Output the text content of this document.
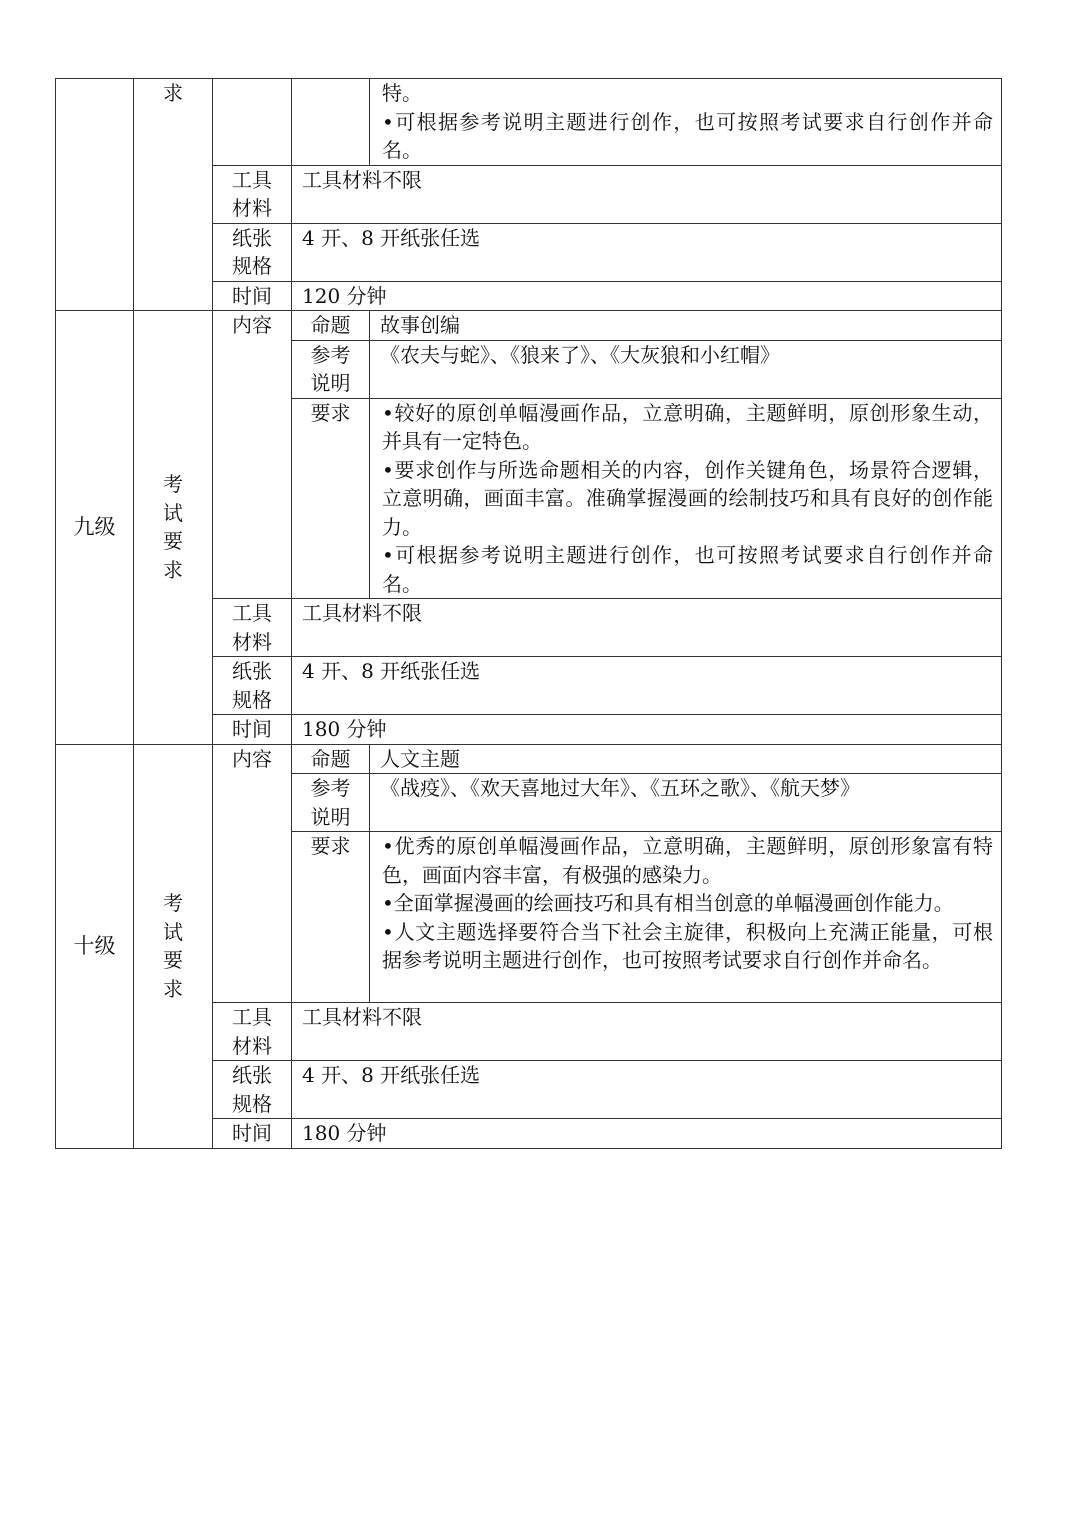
	求			特。
•可根据参考说明主题进行创作，也可按照考试要求自行创作并命名。

		工具材料	工具材料不限	
		纸张规格	4 开、8 开纸张任选	
		时间	120 分钟	
九级	考试要求	内容	命题	故事创编
			参考说明	《农夫与蛇》、《狼来了》、《大灰狼和小红帽》
			要求	•较好的原创单幅漫画作品，立意明确，主题鲜明，原创形象生动，并具有一定特色。
•要求创作与所选命题相关的内容，创作关键角色，场景符合逻辑，立意明确，画面丰富。准确掌握漫画的绘制技巧和具有良好的创作能力。
•可根据参考说明主题进行创作，也可按照考试要求自行创作并命名。

		工具材料	工具材料不限	
		纸张规格	4 开、8 开纸张任选	
		时间	180 分钟	
十级	考试要求	内容	命题	人文主题
			参考说明	《战疫》、《欢天喜地过大年》、《五环之歌》、《航天梦》
			要求	•优秀的原创单幅漫画作品，立意明确，主题鲜明，原创形象富有特色，画面内容丰富，有极强的感染力。
•全面掌握漫画的绘画技巧和具有相当创意的单幅漫画创作能力。
•人文主题选择要符合当下社会主旋律，积极向上充满正能量，可根据参考说明主题进行创作，也可按照考试要求自行创作并命名。

		工具材料	工具材料不限	
		纸张规格	4 开、8 开纸张任选	
		时间	180 分钟	
